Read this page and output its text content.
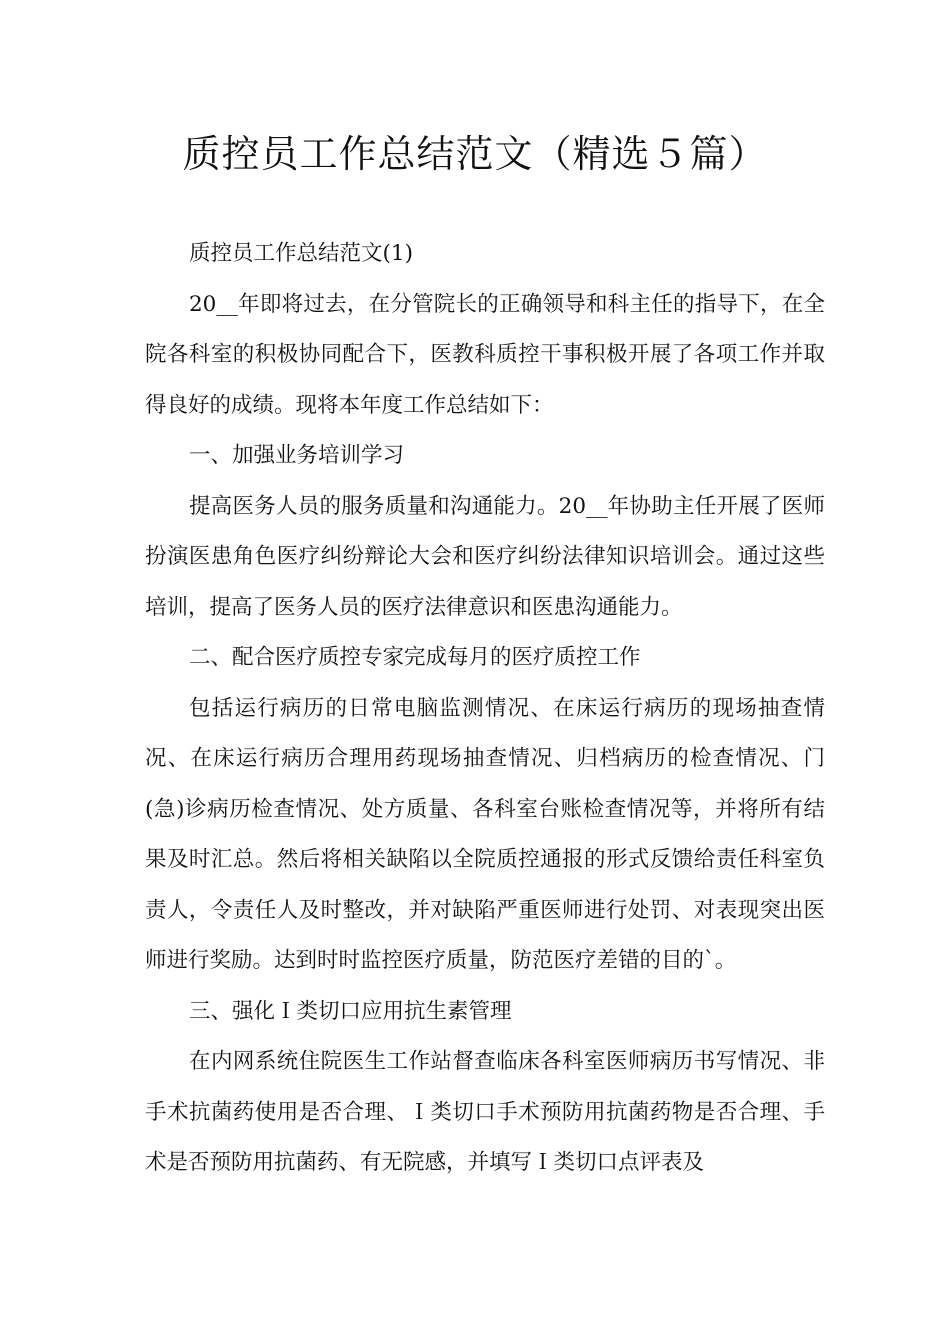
质控员工作总结范文（精选５篇）

质控员工作总结范文(1)

20__年即将过去，在分管院长的正确领导和科主任的指导下，在全院各科室的积极协同配合下，医教科质控干事积极开展了各项工作并取得良好的成绩。现将本年度工作总结如下：

一、加强业务培训学习

提高医务人员的服务质量和沟通能力。20__年协助主任开展了医师扮演医患角色医疗纠纷辩论大会和医疗纠纷法律知识培训会。通过这些培训，提高了医务人员的医疗法律意识和医患沟通能力。

二、配合医疗质控专家完成每月的医疗质控工作

包括运行病历的日常电脑监测情况、在床运行病历的现场抽查情况、在床运行病历合理用药现场抽查情况、归档病历的检查情况、门(急)诊病历检查情况、处方质量、各科室台账检查情况等，并将所有结果及时汇总。然后将相关缺陷以全院质控通报的形式反馈给责任科室负责人，令责任人及时整改，并对缺陷严重医师进行处罚、对表现突出医师进行奖励。达到时时监控医疗质量，防范医疗差错的目的`。

三、强化Ｉ类切口应用抗生素管理

在内网系统住院医生工作站督查临床各科室医师病历书写情况、非手术抗菌药使用是否合理、Ｉ类切口手术预防用抗菌药物是否合理、手术是否预防用抗菌药、有无院感，并填写Ｉ类切口点评表及
